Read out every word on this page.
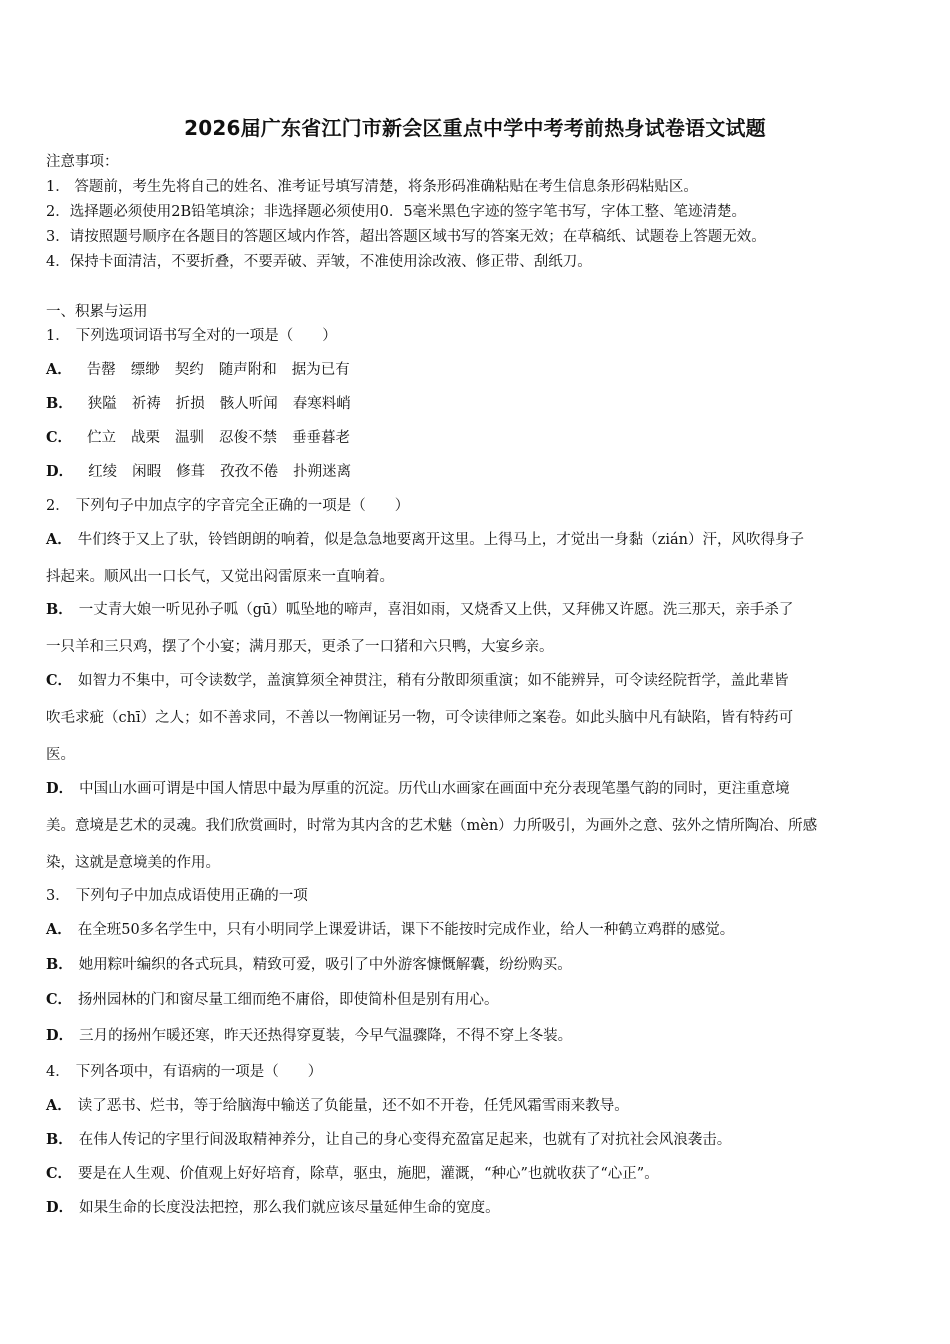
2026届广东省江门市新会区重点中学中考考前热身试卷语文试题
注意事项：
1． 答题前，考生先将自己的姓名、准考证号填写清楚，将条形码准确粘贴在考生信息条形码粘贴区。
2．选择题必须使用2B铅笔填涂；非选择题必须使用0．5毫米黑色字迹的签字笔书写，字体工整、笔迹清楚。
3．请按照题号顺序在各题目的答题区域内作答，超出答题区域书写的答案无效；在草稿纸、试题卷上答题无效。
4．保持卡面清洁，不要折叠，不要弄破、弄皱，不准使用涂改液、修正带、刮纸刀。
一、积累与运用
1． 下列选项词语书写全对的一项是（　　）
A． 告罄 缥缈 契约 随声附和 据为已有
B． 狭隘 祈祷 折损 骸人听闻 春寒料峭
C． 伫立 战栗 温驯 忍俊不禁 垂垂暮老
D． 红绫 闲暇 修葺 孜孜不倦 扑朔迷离
2． 下列句子中加点字的字音完全正确的一项是（　　）
A． 牛们终于又上了驮，铃铛朗朗的响着，似是急急地要离开这里。上得马上，才觉出一身黏（zián）汗，风吹得身子
抖起来。顺风出一口长气，又觉出闷雷原来一直响着。
B． 一丈青大娘一听见孙子呱（gū）呱坠地的啼声，喜泪如雨，又烧香又上供，又拜佛又许愿。洗三那天，亲手杀了
一只羊和三只鸡，摆了个小宴；满月那天，更杀了一口猪和六只鸭，大宴乡亲。
C． 如智力不集中，可令读数学，盖演算须全神贯注，稍有分散即须重演；如不能辨异，可令读经院哲学，盖此辈皆
吹毛求疵（chī）之人；如不善求同，不善以一物阐证另一物，可令读律师之案卷。如此头脑中凡有缺陷，皆有特药可
医。
D． 中国山水画可谓是中国人情思中最为厚重的沉淀。历代山水画家在画面中充分表现笔墨气韵的同时，更注重意境
美。意境是艺术的灵魂。我们欣赏画时，时常为其内含的艺术魅（mèn）力所吸引，为画外之意、弦外之情所陶冶、所感
染，这就是意境美的作用。
3． 下列句子中加点成语使用正确的一项
A． 在全班50多名学生中，只有小明同学上课爱讲话，课下不能按时完成作业，给人一种鹤立鸡群的感觉。
B． 她用粽叶编织的各式玩具，精致可爱，吸引了中外游客慷慨解囊，纷纷购买。
C． 扬州园林的门和窗尽量工细而绝不庸俗，即使简朴但是别有用心。
D． 三月的扬州乍暖还寒，昨天还热得穿夏装，今早气温骤降，不得不穿上冬装。
4． 下列各项中，有语病的一项是（　　）
A． 读了恶书、烂书，等于给脑海中输送了负能量，还不如不开卷，任凭风霜雪雨来教导。
B． 在伟人传记的字里行间汲取精神养分，让自己的身心变得充盈富足起来，也就有了对抗社会风浪袭击。
C． 要是在人生观、价值观上好好培育，除草，驱虫，施肥，灌溉，“种心”也就收获了“心正”。
D． 如果生命的长度没法把控，那么我们就应该尽量延伸生命的宽度。
